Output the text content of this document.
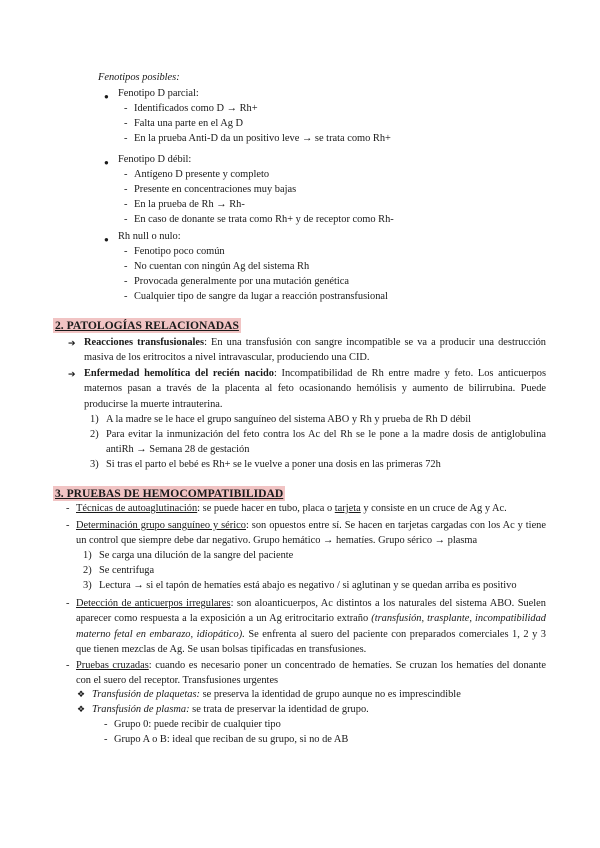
Fenotipos posibles:
● Fenotipo D parcial:
- Identificados como D → Rh+
- Falta una parte en el Ag D
- En la prueba Anti-D da un positivo leve → se trata como Rh+
● Fenotipo D débil:
- Antígeno D presente y completo
- Presente en concentraciones muy bajas
- En la prueba de Rh → Rh-
- En caso de donante se trata como Rh+ y de receptor como Rh-
● Rh null o nulo:
- Fenotipo poco común
- No cuentan con ningún Ag del sistema Rh
- Provocada generalmente por una mutación genética
- Cualquier tipo de sangre da lugar a reacción postransfusional
2. PATOLOGÍAS RELACIONADAS
➔ Reacciones transfusionales: En una transfusión con sangre incompatible se va a producir una destrucción masiva de los eritrocitos a nivel intravascular, produciendo una CID.
➔ Enfermedad hemolítica del recién nacido: Incompatibilidad de Rh entre madre y feto. Los anticuerpos maternos pasan a través de la placenta al feto ocasionando hemólisis y aumento de bilirrubina. Puede producirse la muerte intrauterina.
1) A la madre se le hace el grupo sanguíneo del sistema ABO y Rh y prueba de Rh D débil
2) Para evitar la inmunización del feto contra los Ac del Rh se le pone a la madre dosis de antiglobulina antiRh → Semana 28 de gestación
3) Si tras el parto el bebé es Rh+ se le vuelve a poner una dosis en las primeras 72h
3. PRUEBAS DE HEMOCOMPATIBILIDAD
- Técnicas de autoaglutinación: se puede hacer en tubo, placa o tarjeta y consiste en un cruce de Ag y Ac.
- Determinación grupo sanguíneo y sérico: son opuestos entre sí. Se hacen en tarjetas cargadas con los Ac y tiene un control que siempre debe dar negativo. Grupo hemático → hematíes. Grupo sérico → plasma
1) Se carga una dilución de la sangre del paciente
2) Se centrifuga
3) Lectura → si el tapón de hematíes está abajo es negativo / si aglutinan y se quedan arriba es positivo
- Detección de anticuerpos irregulares: son aloanticuerpos, Ac distintos a los naturales del sistema ABO. Suelen aparecer como respuesta a la exposición a un Ag eritrocitario extraño (transfusión, trasplante, incompatibilidad materno fetal en embarazo, idiopático). Se enfrenta al suero del paciente con preparados comerciales 1, 2 y 3 que tienen mezclas de Ag. Se usan bolsas tipificadas en transfusiones.
- Pruebas cruzadas: cuando es necesario poner un concentrado de hematíes. Se cruzan los hematíes del donante con el suero del receptor. Transfusiones urgentes
❖ Transfusión de plaquetas: se preserva la identidad de grupo aunque no es imprescindible
❖ Transfusión de plasma: se trata de preservar la identidad de grupo.
- Grupo 0: puede recibir de cualquier tipo
- Grupo A o B: ideal que reciban de su grupo, si no de AB
